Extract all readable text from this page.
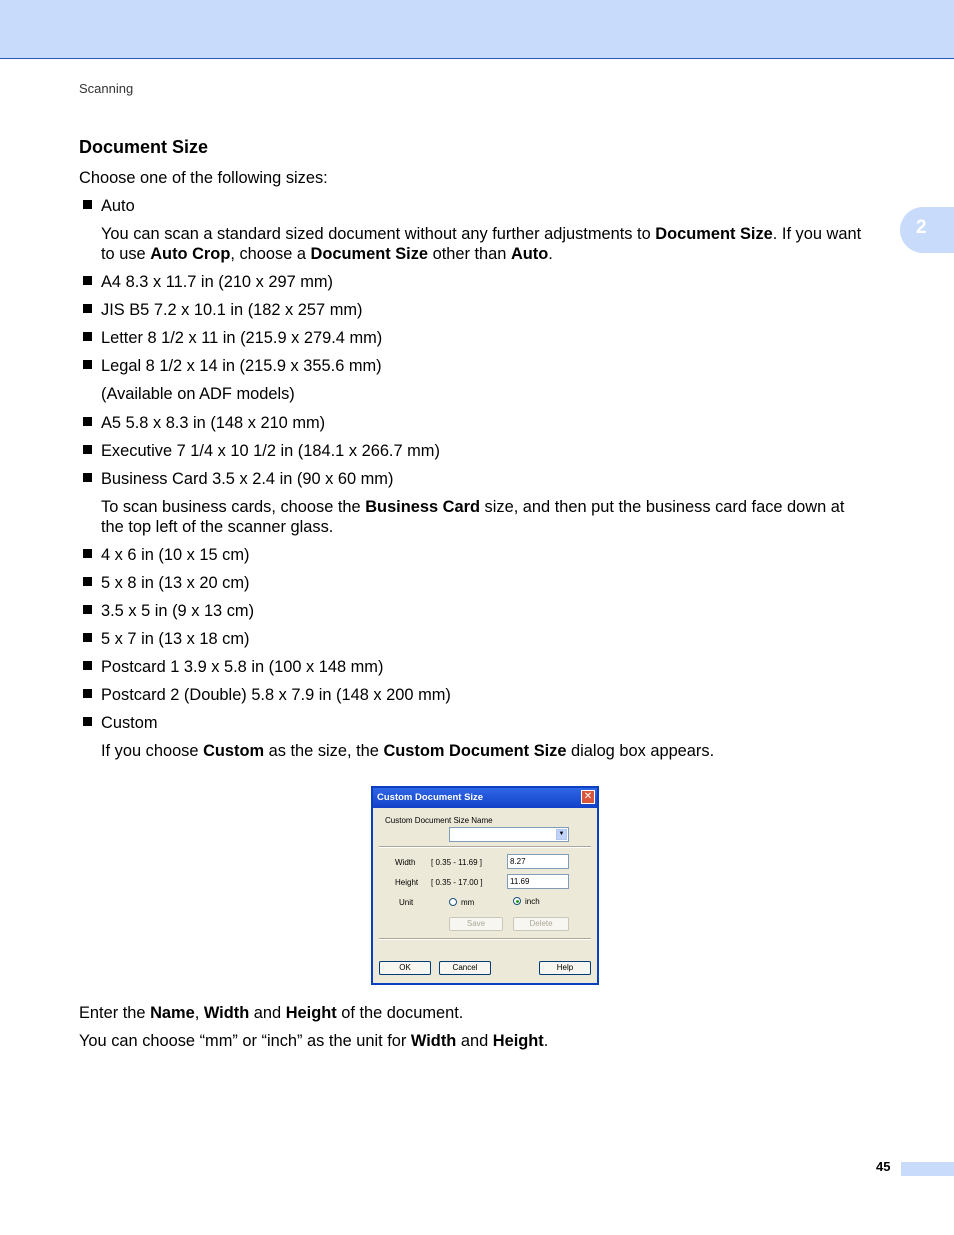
Scanning
2
Document Size
Choose one of the following sizes:
Auto
You can scan a standard sized document without any further adjustments to Document Size. If you want
to use Auto Crop, choose a Document Size other than Auto.
A4 8.3 x 11.7 in (210 x 297 mm)
JIS B5 7.2 x 10.1 in (182 x 257 mm)
Letter 8 1/2 x 11 in (215.9 x 279.4 mm)
Legal 8 1/2 x 14 in (215.9 x 355.6 mm)
(Available on ADF models)
A5 5.8 x 8.3 in (148 x 210 mm)
Executive 7 1/4 x 10 1/2 in (184.1 x 266.7 mm)
Business Card 3.5 x 2.4 in (90 x 60 mm)
To scan business cards, choose the Business Card size, and then put the business card face down at
the top left of the scanner glass.
4 x 6 in (10 x 15 cm)
5 x 8 in (13 x 20 cm)
3.5 x 5 in (9 x 13 cm)
5 x 7 in (13 x 18 cm)
Postcard 1 3.9 x 5.8 in (100 x 148 mm)
Postcard 2 (Double) 5.8 x 7.9 in (148 x 200 mm)
Custom
If you choose Custom as the size, the Custom Document Size dialog box appears.
Custom Document Size	✕
Custom Document Size Name
▼
Width [ 0.35 - 11.69 ]	8.27
Height [ 0.35 - 17.00 ]	11.69
Unit	mm	inch
Save	Delete
OK	Cancel	Help
Enter the Name, Width and Height of the document.
You can choose “mm” or “inch” as the unit for Width and Height.
45
